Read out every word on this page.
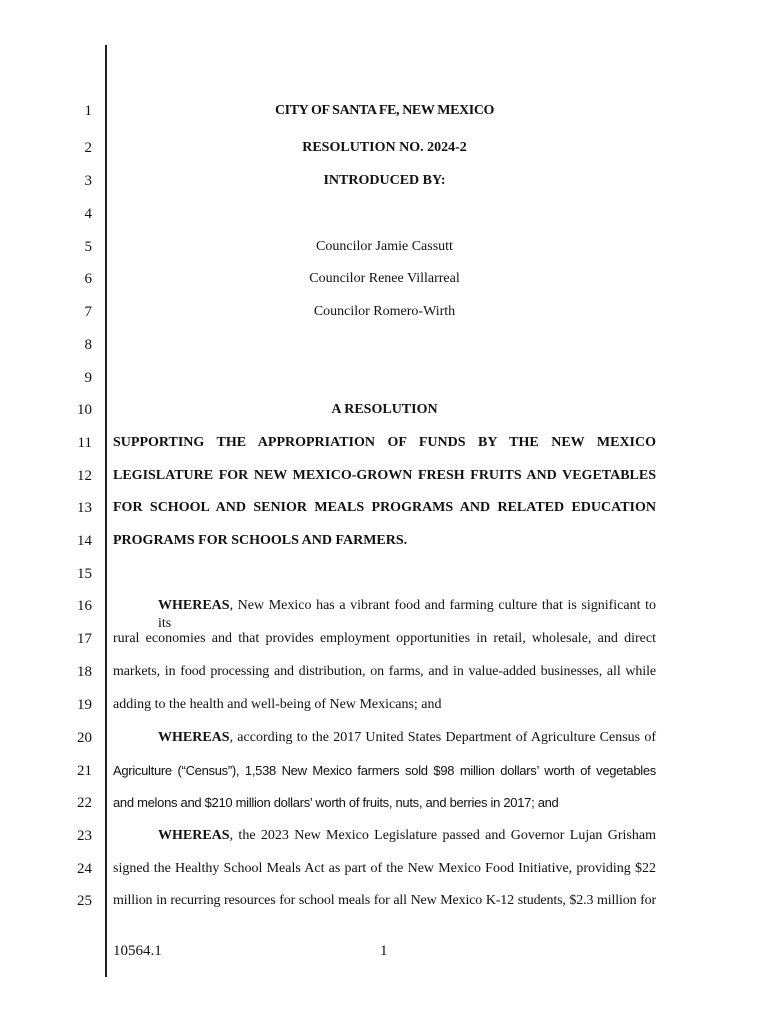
1
2
3
4
5
6
7
8
9
10
11
12
13
14
15
16
17
18
19
20
21
22
23
24
25
CITY OF SANTA FE, NEW MEXICO
RESOLUTION NO. 2024-2
INTRODUCED BY:
Councilor Jamie Cassutt
Councilor Renee Villarreal
Councilor Romero-Wirth
A RESOLUTION
SUPPORTING THE APPROPRIATION OF FUNDS BY THE NEW MEXICO
LEGISLATURE FOR NEW MEXICO-GROWN FRESH FRUITS AND VEGETABLES
FOR SCHOOL AND SENIOR MEALS PROGRAMS AND RELATED EDUCATION
PROGRAMS FOR SCHOOLS AND FARMERS.
WHEREAS, New Mexico has a vibrant food and farming culture that is significant to its
rural economies and that provides employment opportunities in retail, wholesale, and direct
markets, in food processing and distribution, on farms, and in value-added businesses, all while
adding to the health and well-being of New Mexicans; and
WHEREAS, according to the 2017 United States Department of Agriculture Census of
Agriculture (“Census”), 1,538 New Mexico farmers sold $98 million dollars’ worth of vegetables
and melons and $210 million dollars’ worth of fruits, nuts, and berries in 2017; and
WHEREAS, the 2023 New Mexico Legislature passed and Governor Lujan Grisham
signed the Healthy School Meals Act as part of the New Mexico Food Initiative, providing $22
million in recurring resources for school meals for all New Mexico K-12 students, $2.3 million for
10564.1	1
